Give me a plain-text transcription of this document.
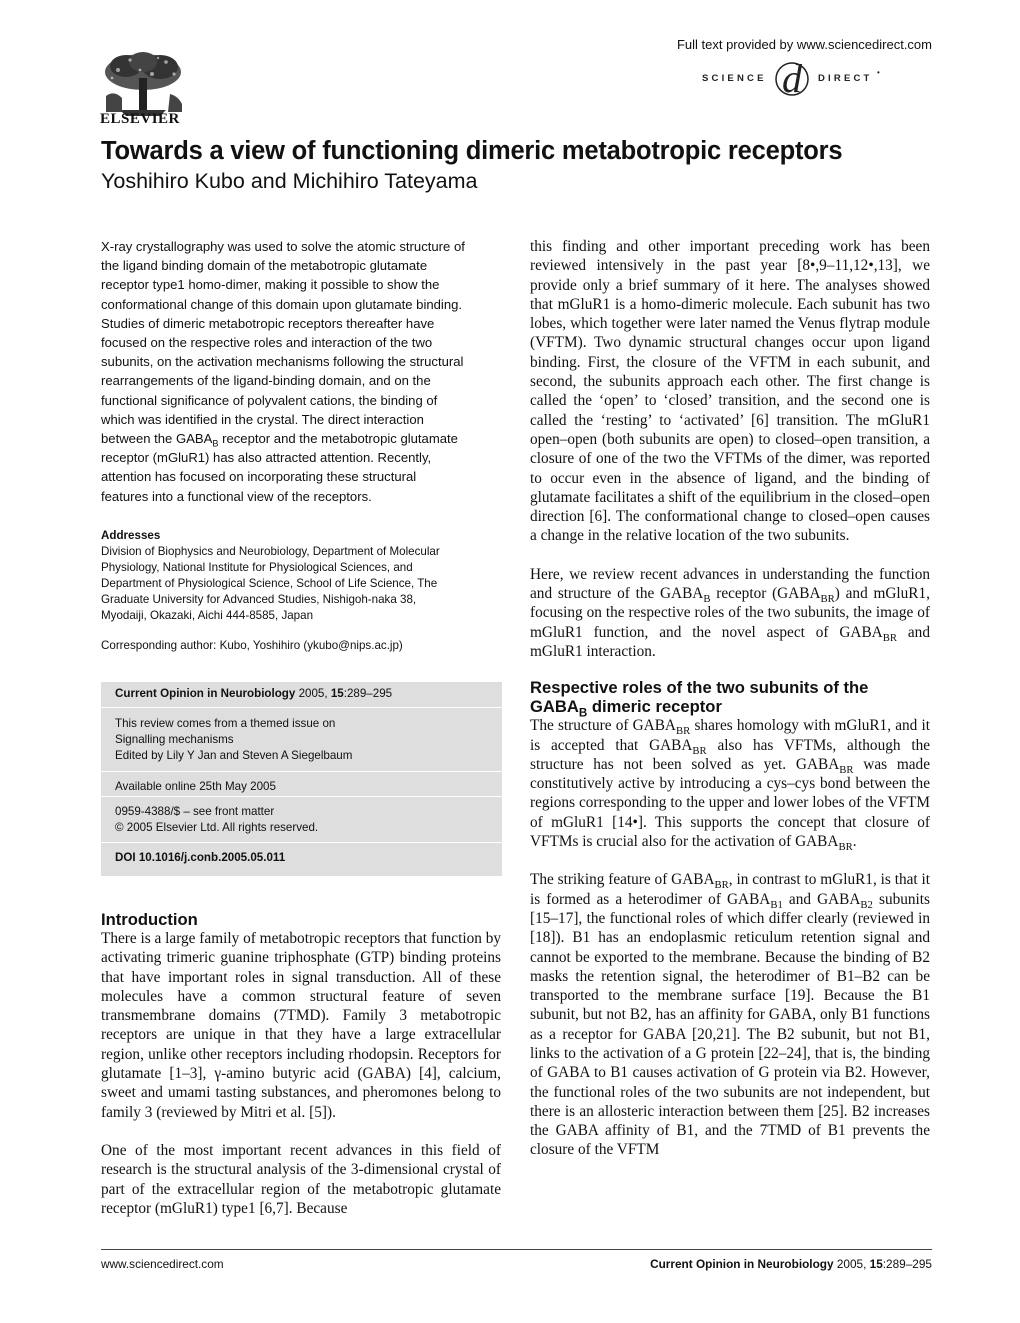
ELSEVIER
Full text provided by www.sciencedirect.com
SCIENCE d DIRECT
•
Towards a view of functioning dimeric metabotropic receptors
Yoshihiro Kubo and Michihiro Tateyama

X-ray crystallography was used to solve the atomic structure of

the ligand binding domain of the metabotropic glutamate

receptor type1 homo-dimer, making it possible to show the

conformational change of this domain upon glutamate binding.

Studies of dimeric metabotropic receptors thereafter have

focused on the respective roles and interaction of the two

subunits, on the activation mechanisms following the structural

rearrangements of the ligand-binding domain, and on the

functional significance of polyvalent cations, the binding of

which was identified in the crystal. The direct interaction

between the $GABA_B$ receptor and the metabotropic glutamate

receptor (mGluR1) has also attracted attention. Recently,

attention has focused on incorporating these structural

features into a functional view of the receptors.

Addresses

Division of Biophysics and Neurobiology, Department of Molecular

Physiology, National Institute for Physiological Sciences, and

Department of Physiological Science, School of Life Science, The

Graduate University for Advanced Studies, Nishigoh-naka 38,

Myodaiji, Okazaki, Aichi 444-8585, Japan

Corresponding author: Kubo, Yoshihiro (ykubo@nips.ac.jp)

Current Opinion in Neurobiology 2005, 15:289–295

This review comes from a themed issue on

Signalling mechanisms

Edited by Lily Y Jan and Steven A Siegelbaum

Available online 25th May 2005

0959-4388/$ – see front matter

© 2005 Elsevier Ltd. All rights reserved.

DOI 10.1016/j.conb.2005.05.011

Introduction

There is a large family of metabotropic receptors that function by activating trimeric guanine triphosphate (GTP) binding proteins that have important roles in signal transduction. All of these molecules have a common structural feature of seven transmembrane domains (7TMD). Family 3 metabotropic receptors are unique in that they have a large extracellular region, unlike other receptors including rhodopsin. Receptors for glutamate [1–3], γ-amino butyric acid (GABA) [4], calcium, sweet and umami tasting substances, and pheromones belong to family 3 (reviewed by Mitri et al. [5]).

One of the most important recent advances in this field of research is the structural analysis of the 3-dimensional crystal of part of the extracellular region of the metabotropic glutamate receptor (mGluR1) type1 [6,7]. Because

this finding and other important preceding work has been reviewed intensively in the past year [8•,9–11,12•,13], we provide only a brief summary of it here. The analyses showed that mGluR1 is a homo-dimeric molecule. Each subunit has two lobes, which together were later named the Venus flytrap module (VFTM). Two dynamic structural changes occur upon ligand binding. First, the closure of the VFTM in each subunit, and second, the subunits approach each other. The first change is called the ‘open’ to ‘closed’ transition, and the second one is called the ‘resting’ to ‘activated’ [6] transition. The mGluR1 open–open (both subunits are open) to closed–open transition, a closure of one of the two the VFTMs of the dimer, was reported to occur even in the absence of ligand, and the binding of glutamate facilitates a shift of the equilibrium in the closed–open direction [6]. The conformational change to closed–open causes a change in the relative location of the two subunits.

Here, we review recent advances in understanding the function and structure of the $GABA_B$ receptor $(GABA_{BR})$ and mGluR1, focusing on the respective roles of the two subunits, the image of mGluR1 function, and the novel aspect of $GABA_{BR}$ and mGluR1 interaction.

Respective roles of the two subunits of the

$GABA_B$ dimeric receptor

The structure of $GABA_{BR}$ shares homology with mGluR1, and it is accepted that $GABA_{BR}$ also has VFTMs, although the structure has not been solved as yet. $GABA_{BR}$ was made constitutively active by introducing a cys–cys bond between the regions corresponding to the upper and lower lobes of the VFTM of mGluR1 [14•]. This supports the concept that closure of VFTMs is crucial also for the activation of $GABA_{BR}$.

The striking feature of $GABA_{BR}$, in contrast to mGluR1, is that it is formed as a heterodimer of $GABA_{B1}$ and $GABA_{B2}$ subunits [15–17], the functional roles of which differ clearly (reviewed in [18]). B1 has an endoplasmic reticulum retention signal and cannot be exported to the membrane. Because the binding of B2 masks the retention signal, the heterodimer of B1–B2 can be transported to the membrane surface [19]. Because the B1 subunit, but not B2, has an affinity for GABA, only B1 functions as a receptor for GABA [20,21]. The B2 subunit, but not B1, links to the activation of a G protein [22–24], that is, the binding of GABA to B1 causes activation of G protein via B2. However, the functional roles of the two subunits are not independent, but there is an allosteric interaction between them [25]. B2 increases the GABA affinity of B1, and the 7TMD of B1 prevents the closure of the VFTM

www.sciencedirect.com	Current Opinion in Neurobiology 2005, 15:289–295
